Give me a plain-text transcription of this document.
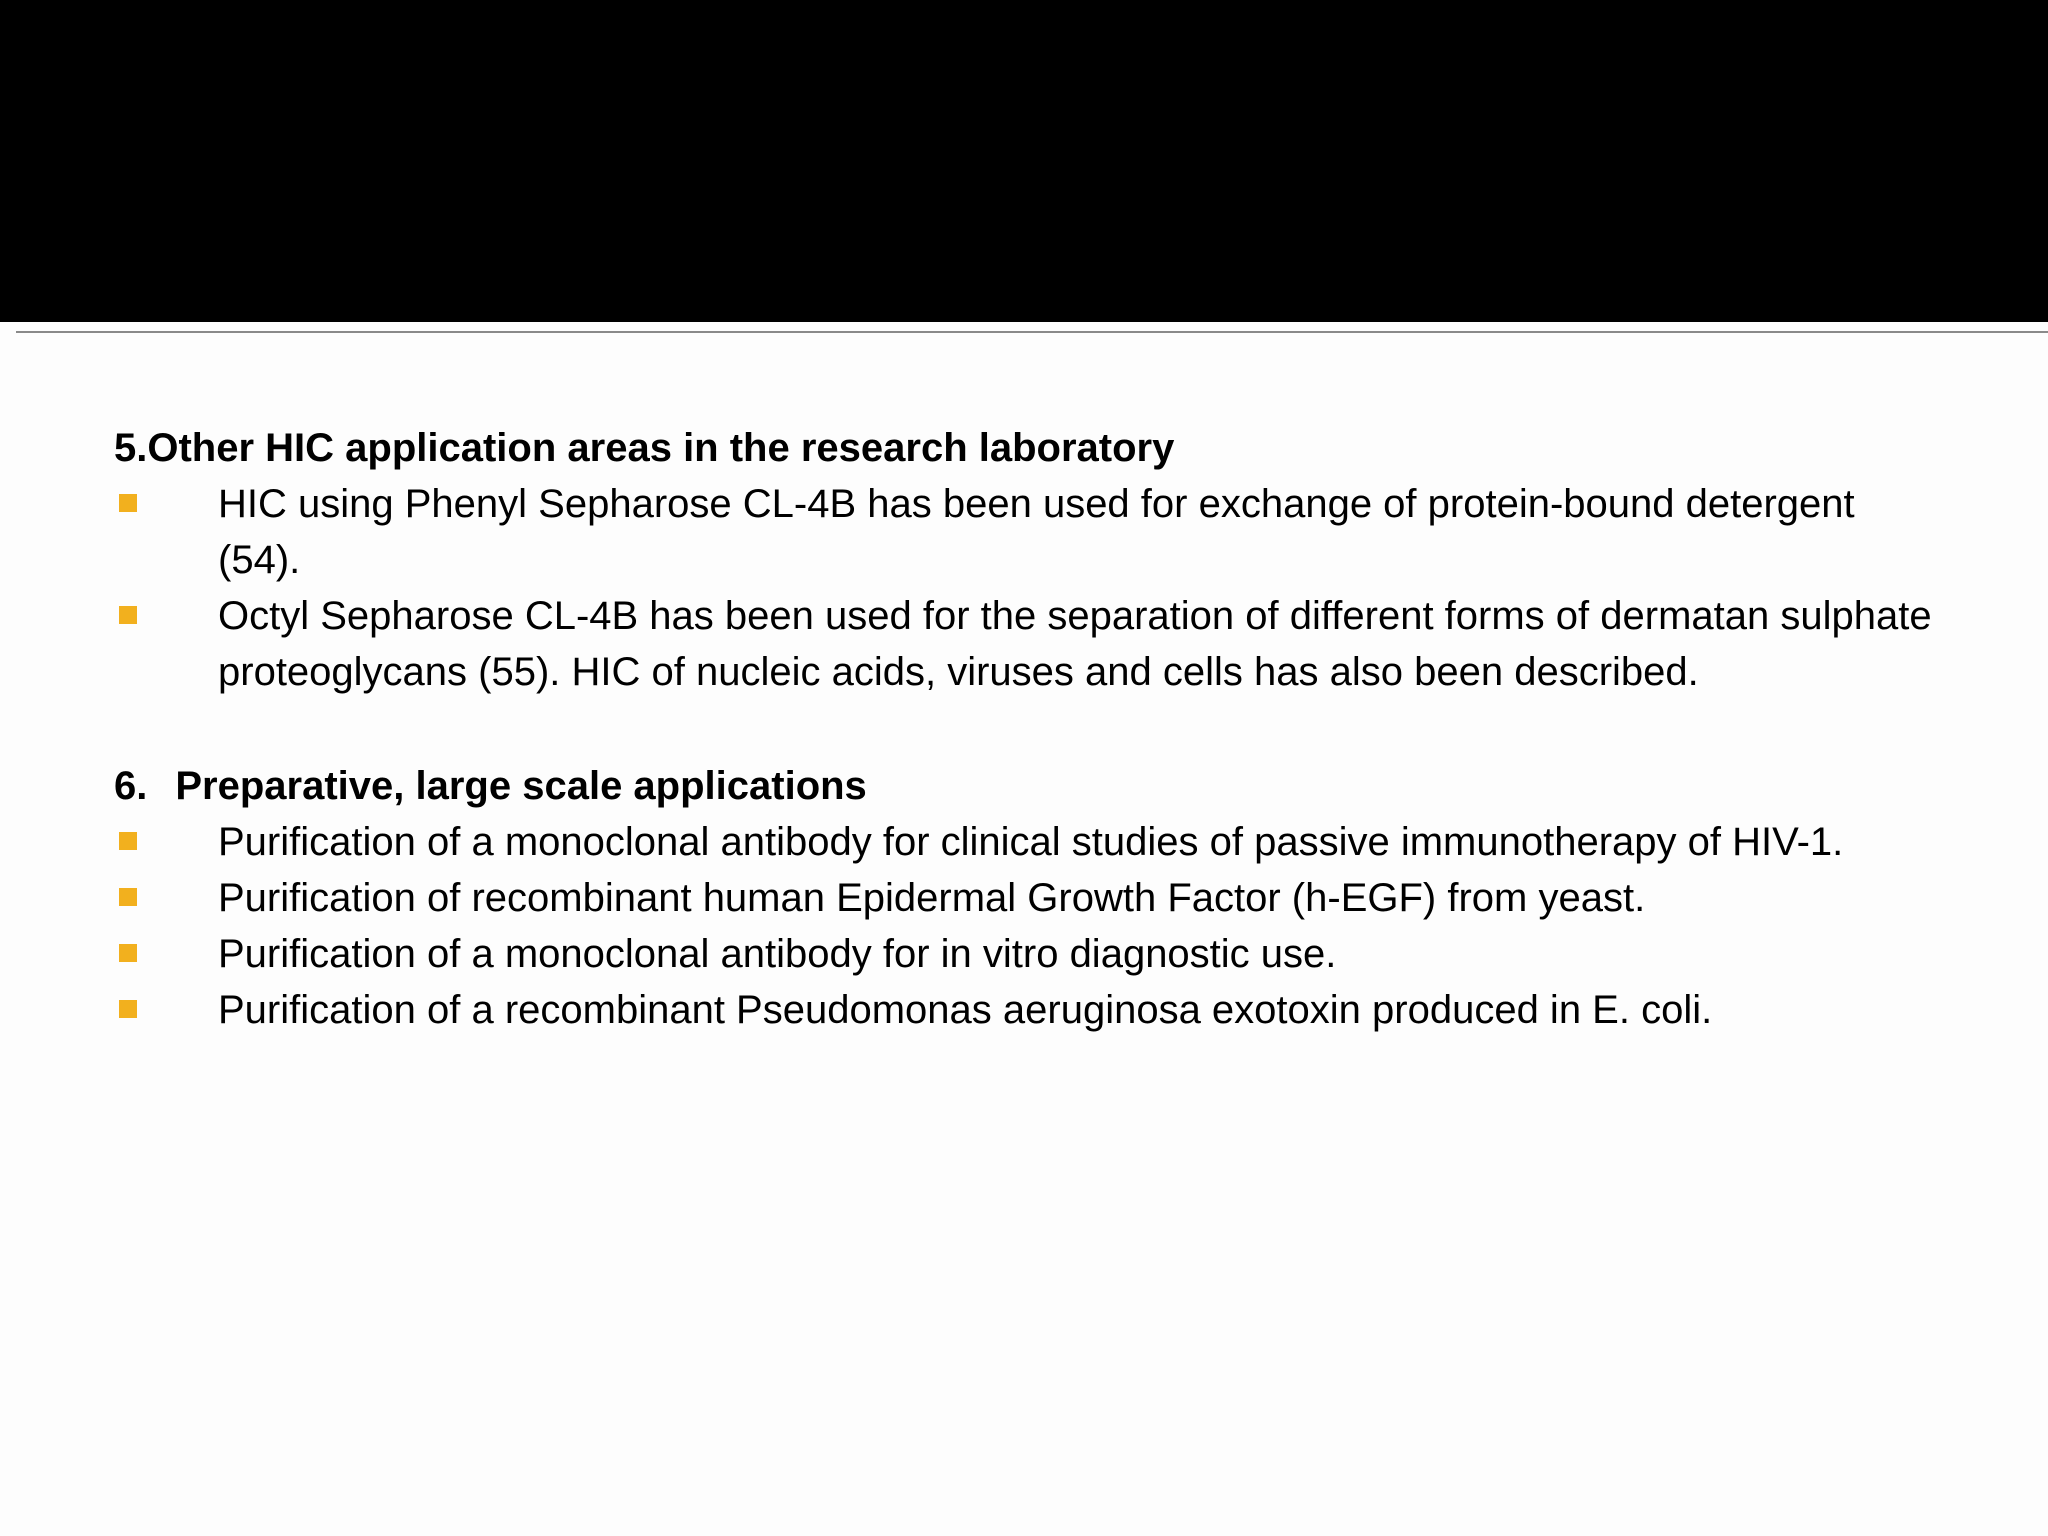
5. Other HIC application areas in the research laboratory
HIC using Phenyl Sepharose CL-4B has been used for exchange of protein-bound detergent (54).
Octyl Sepharose CL-4B has been used for the separation of different forms of dermatan sulphate proteoglycans (55). HIC of nucleic acids, viruses and cells has also been described.
6. Preparative, large scale applications
Purification of a monoclonal antibody for clinical studies of passive immunotherapy of HIV-1.
Purification of recombinant human Epidermal Growth Factor (h-EGF) from yeast.
Purification of a monoclonal antibody for in vitro diagnostic use.
Purification of a recombinant Pseudomonas aeruginosa exotoxin produced in E. coli.
